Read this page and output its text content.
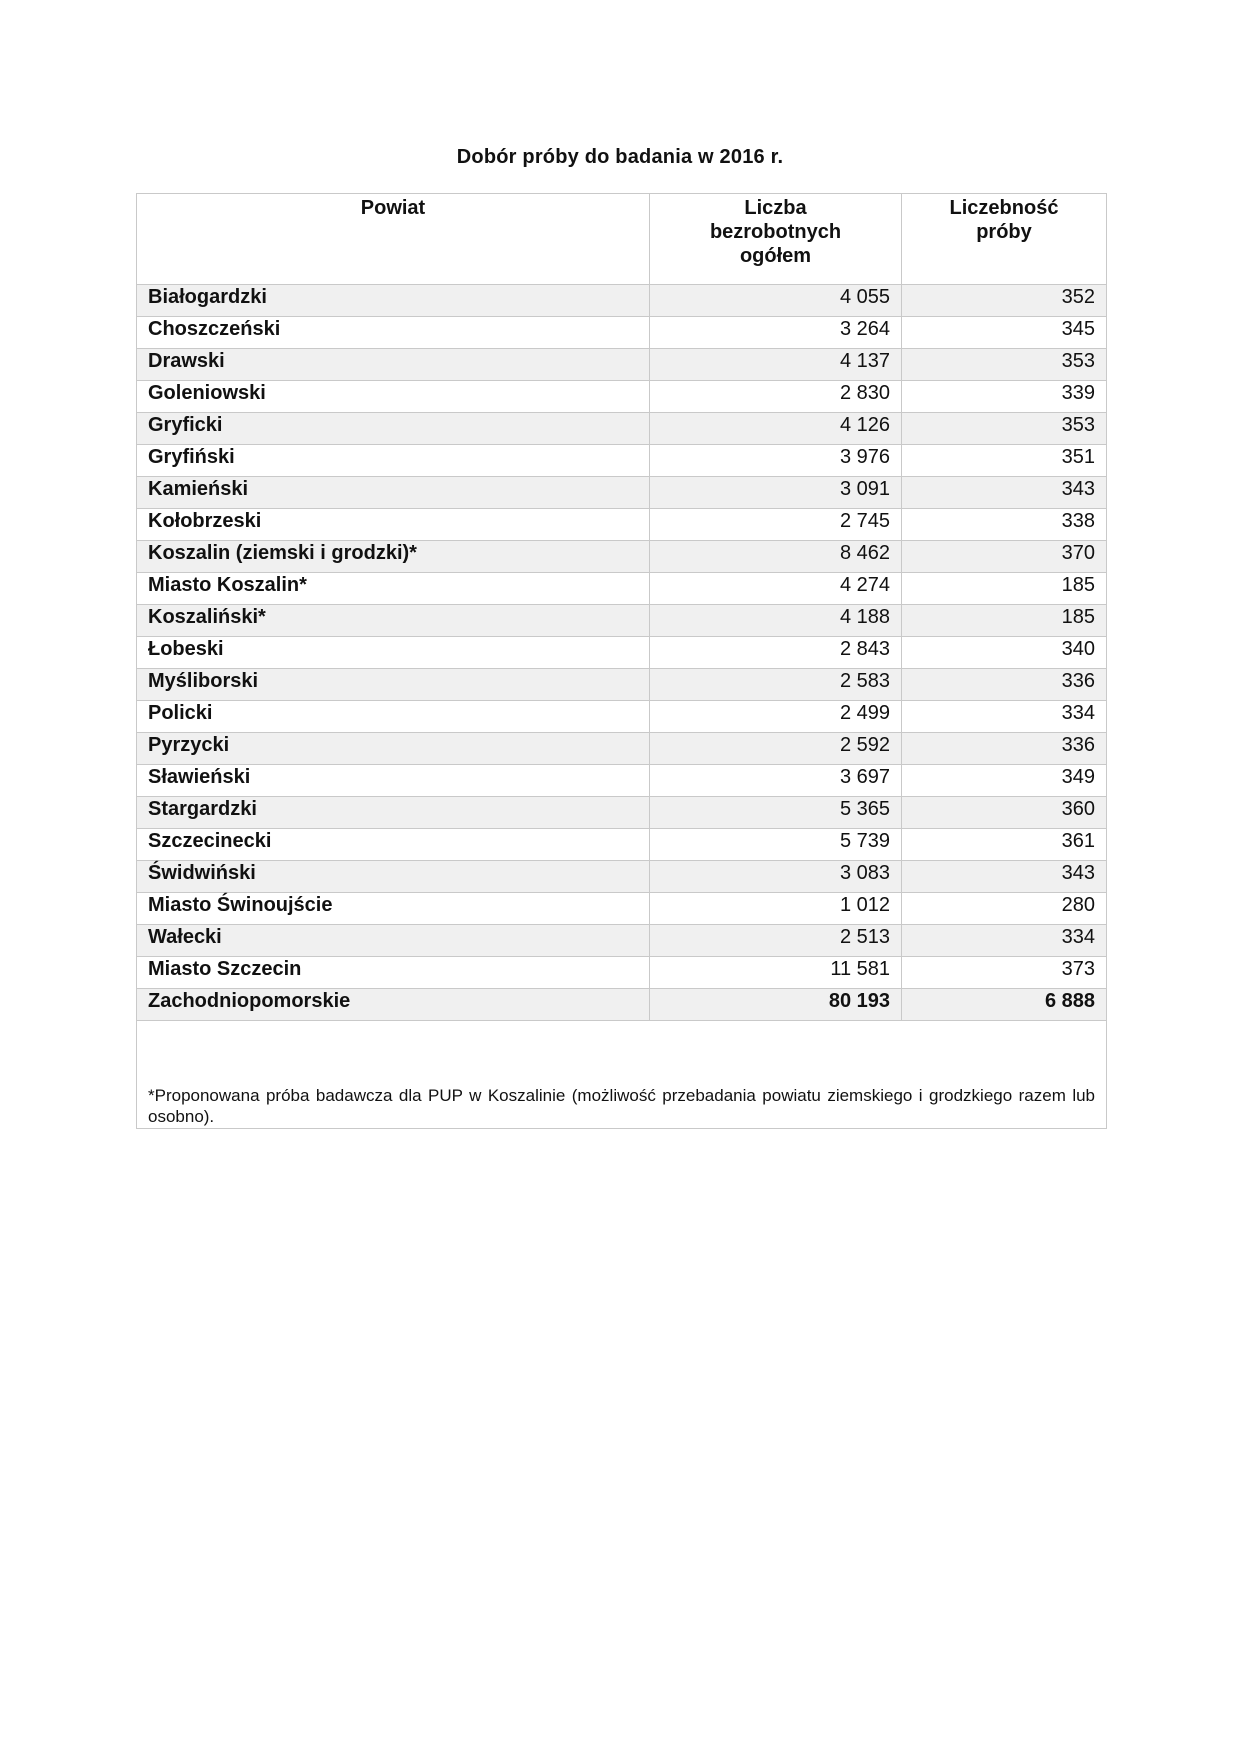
Dobór próby do badania w 2016 r.
Powiat	Liczba bezrobotnych ogółem	Liczebność próby
Białogardzki	4 055	352
Choszczeński	3 264	345
Drawski	4 137	353
Goleniowski	2 830	339
Gryficki	4 126	353
Gryfiński	3 976	351
Kamieński	3 091	343
Kołobrzeski	2 745	338
Koszalin (ziemski i grodzki)*	8 462	370
Miasto Koszalin*	4 274	185
Koszaliński*	4 188	185
Łobeski	2 843	340
Myśliborski	2 583	336
Policki	2 499	334
Pyrzycki	2 592	336
Sławieński	3 697	349
Stargardzki	5 365	360
Szczecinecki	5 739	361
Świdwiński	3 083	343
Miasto Świnoujście	1 012	280
Wałecki	2 513	334
Miasto Szczecin	11 581	373
Zachodniopomorskie	80 193	6 888

*Proponowana próba badawcza dla PUP w Koszalinie (możliwość przebadania powiatu ziemskiego i grodzkiego razem lub osobno).		
